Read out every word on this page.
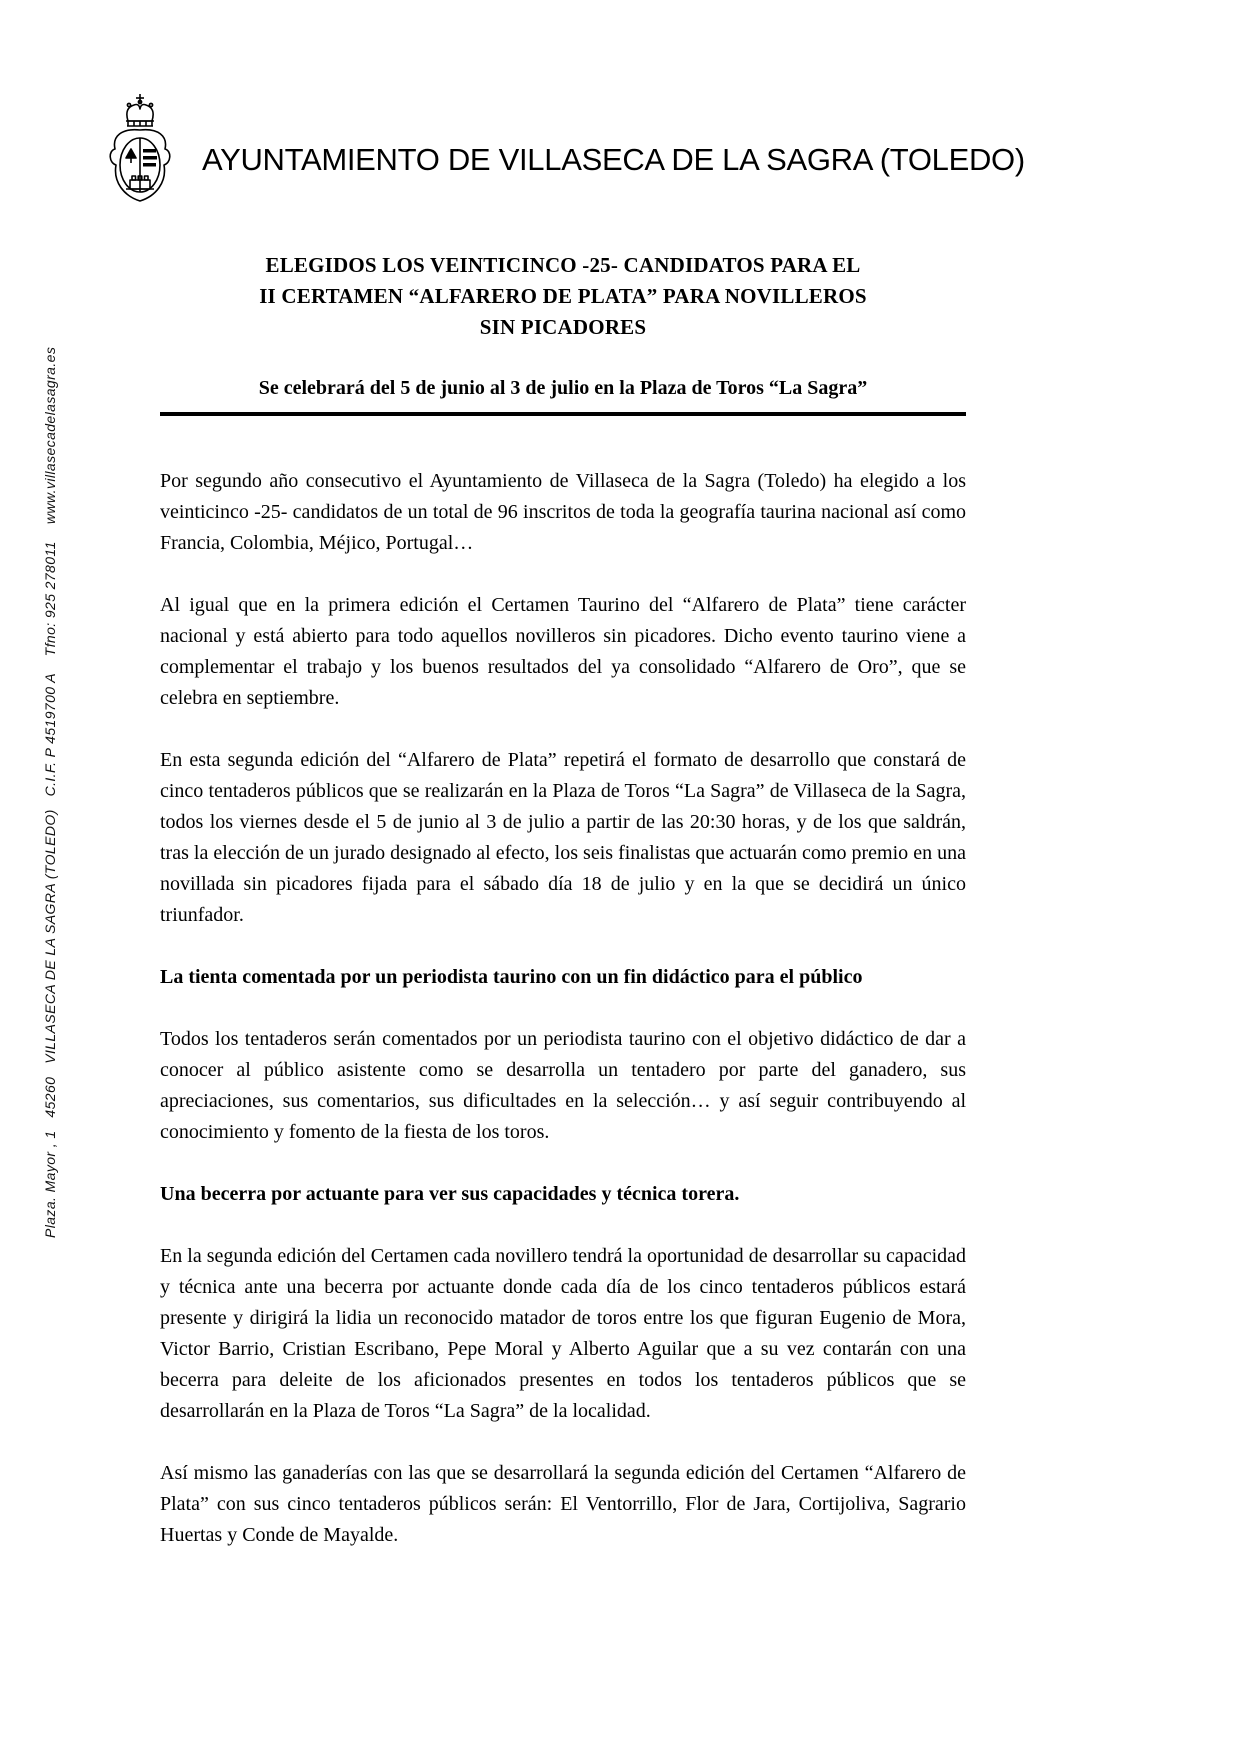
Plaza. Mayor , 1   45260   VILLASECA DE LA SAGRA (TOLEDO)   C.I.F. P 4519700 A    Tfno: 925 278011    www.villasecadelasagra.es
AYUNTAMIENTO DE VILLASECA DE LA SAGRA (TOLEDO)
ELEGIDOS LOS VEINTICINCO -25- CANDIDATOS PARA EL
II CERTAMEN “ALFARERO DE PLATA” PARA NOVILLEROS
SIN PICADORES
Se celebrará del 5 de junio al 3 de julio en la Plaza de Toros “La Sagra”

Por segundo año consecutivo el Ayuntamiento de Villaseca de la Sagra (Toledo) ha elegido a los veinticinco -25- candidatos de un total de 96 inscritos de toda la geografía taurina nacional así como Francia, Colombia, Méjico, Portugal…

Al igual que en la primera edición el Certamen Taurino del “Alfarero de Plata” tiene carácter nacional y está abierto para todo aquellos novilleros sin picadores. Dicho evento taurino viene a complementar el trabajo y los buenos resultados del ya consolidado “Alfarero de Oro”, que se celebra en septiembre.

En esta segunda edición del “Alfarero de Plata” repetirá el formato de desarrollo que constará de cinco tentaderos públicos que se realizarán en la Plaza de Toros “La Sagra” de Villaseca de la Sagra, todos los viernes desde el 5 de junio al 3 de julio a partir de las 20:30 horas, y de los que saldrán, tras la elección de un jurado designado al efecto, los seis finalistas que actuarán como premio en una novillada sin picadores fijada para el sábado día 18 de julio y en la que se decidirá un único triunfador.

La tienta comentada por un periodista taurino con un fin didáctico para el público

Todos los tentaderos serán comentados por un periodista taurino con el objetivo didáctico de dar a conocer al público asistente como se desarrolla un tentadero por parte del ganadero, sus apreciaciones, sus comentarios, sus dificultades en la selección… y así seguir contribuyendo al conocimiento y fomento de la fiesta de los toros.

Una becerra por actuante para ver sus capacidades y técnica torera.

En la segunda edición del Certamen cada novillero tendrá la oportunidad de desarrollar su capacidad y técnica ante una becerra por actuante donde cada día de los cinco tentaderos públicos estará presente y dirigirá la lidia un reconocido matador de toros entre los que figuran Eugenio de Mora, Victor Barrio, Cristian Escribano, Pepe Moral y Alberto Aguilar que a su vez contarán con una becerra para deleite de los aficionados presentes en todos los tentaderos públicos que se desarrollarán en la Plaza de Toros “La Sagra” de la localidad.

Así mismo las ganaderías con las que se desarrollará la segunda edición del Certamen “Alfarero de Plata” con sus cinco tentaderos públicos serán: El Ventorrillo, Flor de Jara, Cortijoliva, Sagrario Huertas y Conde de Mayalde.
